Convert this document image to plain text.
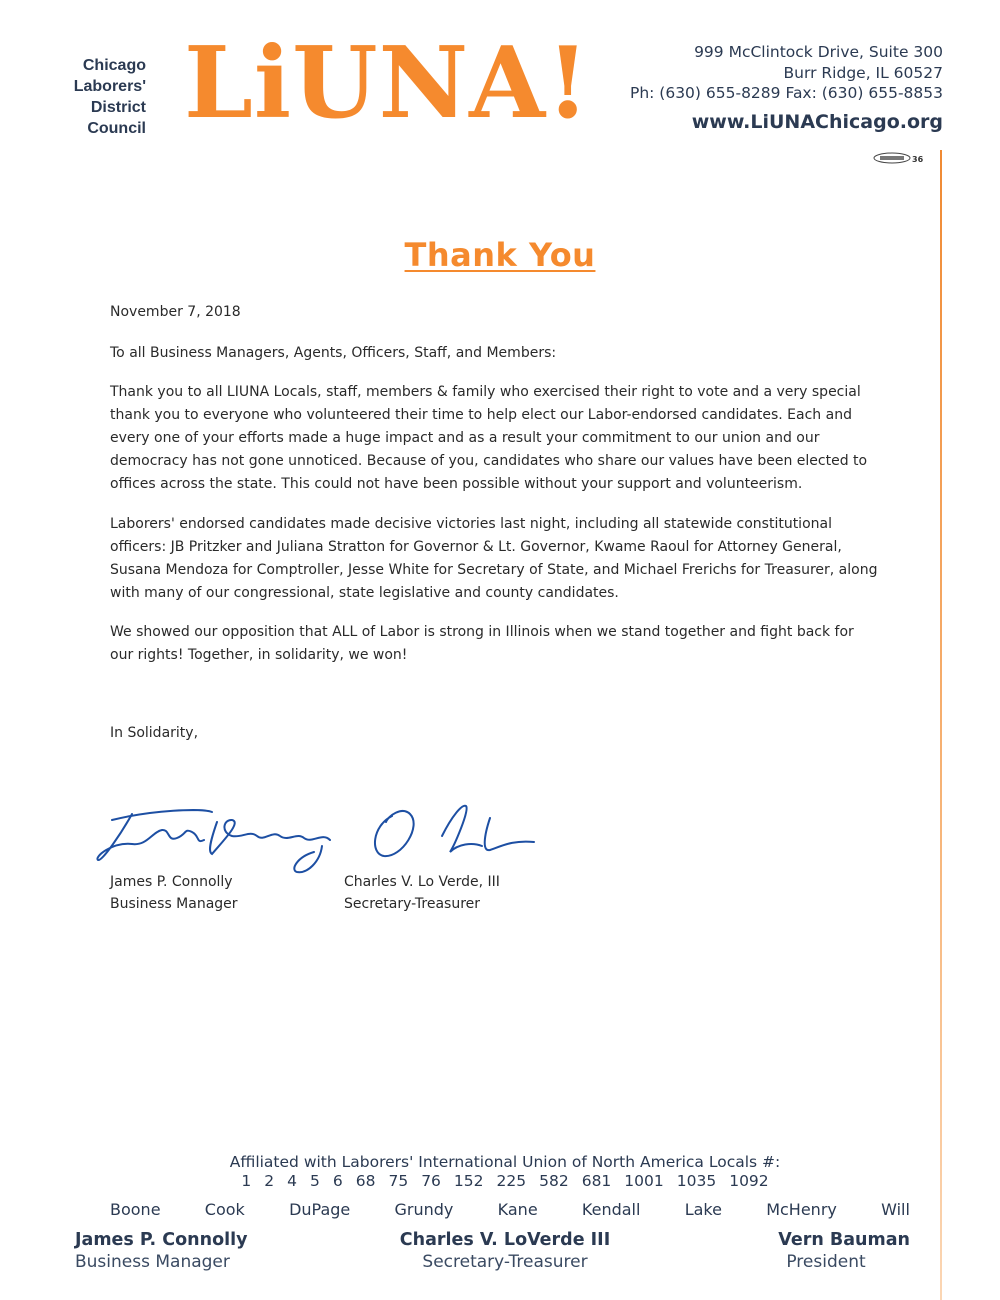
Chicago
Laborers'
District
Council LiUNA!	999 McClintock Drive, Suite 300
Burr Ridge, IL 60527
Ph: (630) 655-8289 Fax: (630) 655-8853
www.LiUNAChicago.org
36
Thank You
November 7, 2018
To all Business Managers, Agents, Officers, Staff, and Members:
Thank you to all LIUNA Locals, staff, members & family who exercised their right to vote and a very special thank you to everyone who volunteered their time to help elect our Labor-endorsed candidates. Each and every one of your efforts made a huge impact and as a result your commitment to our union and our democracy has not gone unnoticed. Because of you, candidates who share our values have been elected to offices across the state. This could not have been possible without your support and volunteerism.
Laborers' endorsed candidates made decisive victories last night, including all statewide constitutional officers: JB Pritzker and Juliana Stratton for Governor & Lt. Governor, Kwame Raoul for Attorney General, Susana Mendoza for Comptroller, Jesse White for Secretary of State, and Michael Frerichs for Treasurer, along with many of our congressional, state legislative and county candidates.
We showed our opposition that ALL of Labor is strong in Illinois when we stand together and fight back for our rights! Together, in solidarity, we won!
In Solidarity,
James P. Connolly
Business Manager
Charles V. Lo Verde, III
Secretary-Treasurer
Affiliated with Laborers' International Union of North America Locals #:
1 2 4 5 6 68 75 76 152 225 582 681 1001 1035 1092
Boone	Cook	DuPage	Grundy	Kane	Kendall	Lake	McHenry	Will
James P. Connolly
Business Manager
Charles V. LoVerde III
Secretary-Treasurer
Vern Bauman
President
